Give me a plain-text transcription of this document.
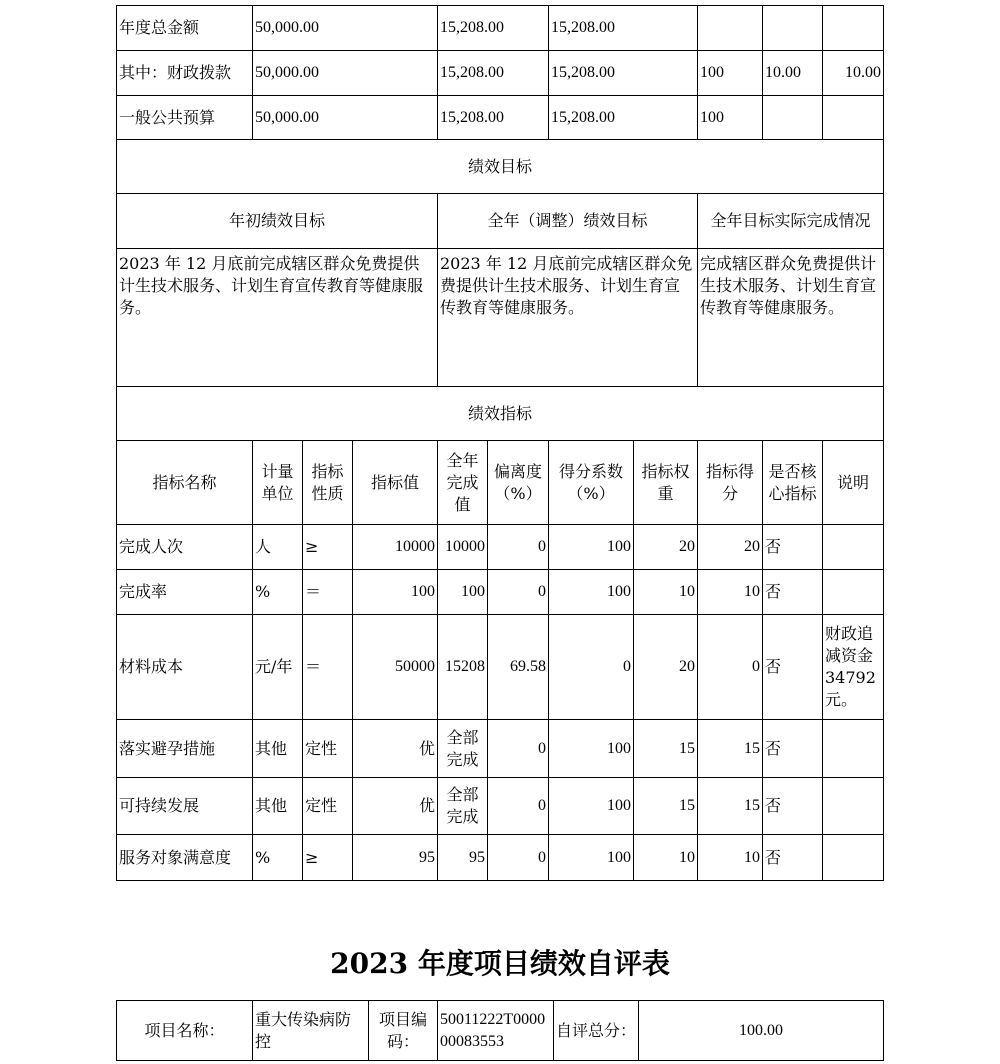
年度总金额	50,000.00			15,208.00		15,208.00				
其中：财政拨款	50,000.00			15,208.00		15,208.00		100	10.00	10.00
一般公共预算	50,000.00			15,208.00		15,208.00		100		
绩效目标										
年初绩效目标				全年（调整）绩效目标				全年目标实际完成情况		
2023 年 12 月底前完成辖区群众免费提供计生技术服务、计划生育宣传教育等健康服务。				2023 年 12 月底前完成辖区群众免费提供计生技术服务、计划生育宣传教育等健康服务。				完成辖区群众免费提供计生技术服务、计划生育宣传教育等健康服务。		
绩效指标										
指标名称	计量单位	指标性质	指标值	全年完成值	偏离度（%）	得分系数（%）	指标权重	指标得分	是否核心指标	说明
完成人次	人	≥	10000	10000	0	100	20	20	否	
完成率	%	＝	100	100	0	100	10	10	否	
材料成本	元/年	＝	50000	15208	69.58	0	20	0	否	财政追减资金34792元。
落实避孕措施	其他	定性	优	全部完成	0	100	15	15	否	
可持续发展	其他	定性	优	全部完成	0	100	15	15	否	
服务对象满意度	%	≥	95	95	0	100	10	10	否	
2023 年度项目绩效自评表
项目名称：	重大传染病防控	项目编码：	50011222T000000083553	自评总分：	100.00
